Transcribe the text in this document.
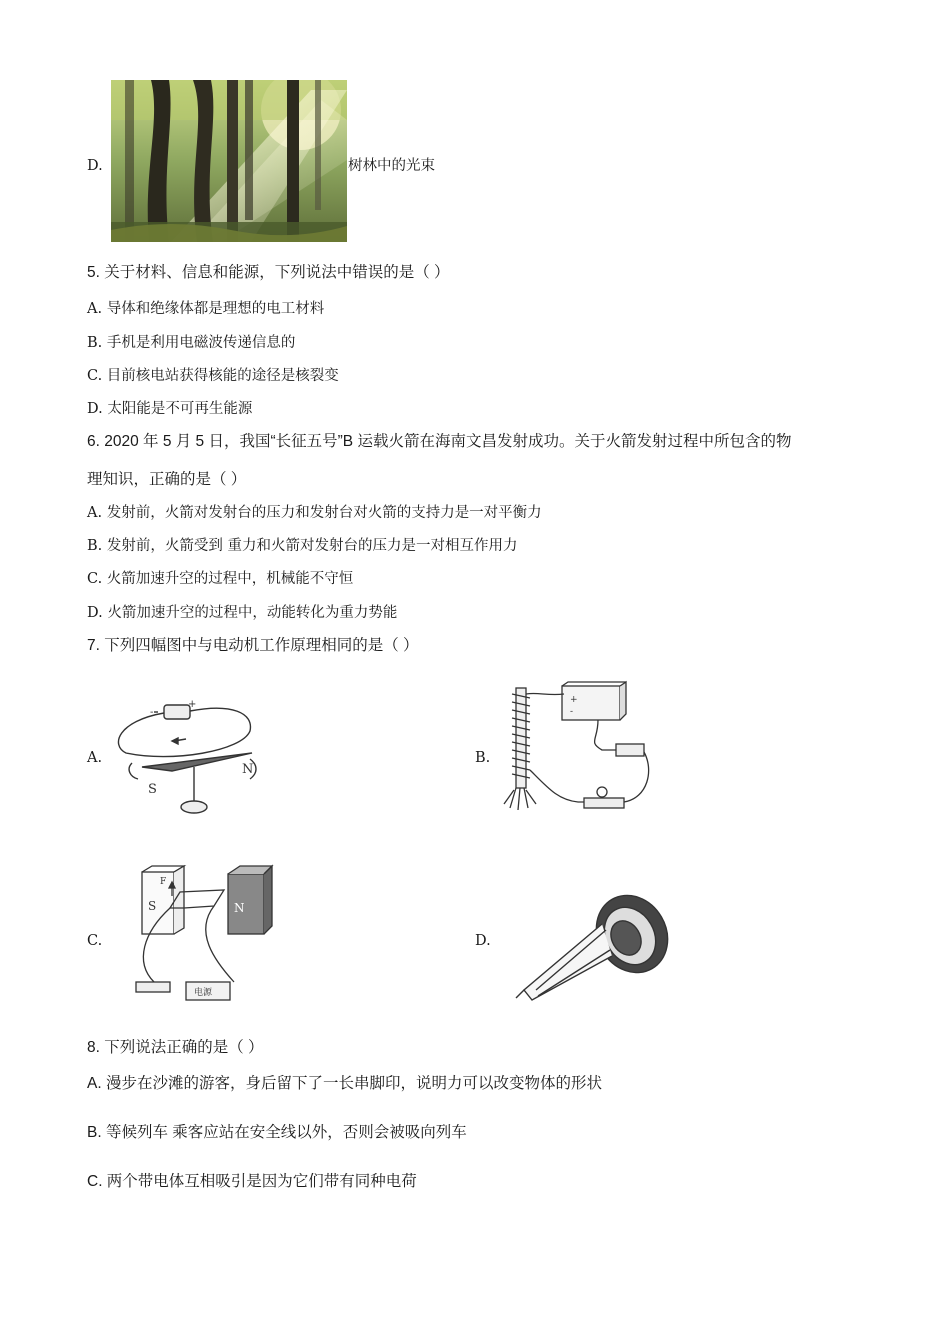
D.	树林中的光束
5. 关于材料、信息和能源，下列说法中错误的是（ ）
A. 导体和绝缘体都是理想的电工材料
B. 手机是利用电磁波传递信息的
C. 目前核电站获得核能的途径是核裂变
D. 太阳能是不可再生能源
6. 2020 年 5 月 5 日，我国“长征五号”B 运载火箭在海南文昌发射成功。关于火箭发射过程中所包含的物
理知识，正确的是（ ）
A. 发射前，火箭对发射台的压力和发射台对火箭的支持力是一对平衡力
B. 发射前，火箭受到 重力和火箭对发射台的压力是一对相互作用力
C. 火箭加速升空的过程中，机械能不守恒
D. 火箭加速升空的过程中，动能转化为重力势能
7. 下列四幅图中与电动机工作原理相同的是（ ）
A.
-
+
S
N
B.
+
-
C.
S
F
N
电源
D.
8. 下列说法正确的是（ ）
A. 漫步在沙滩的游客，身后留下了一长串脚印，说明力可以改变物体的形状
B. 等候列车 乘客应站在安全线以外，否则会被吸向列车
C. 两个带电体互相吸引是因为它们带有同种电荷
